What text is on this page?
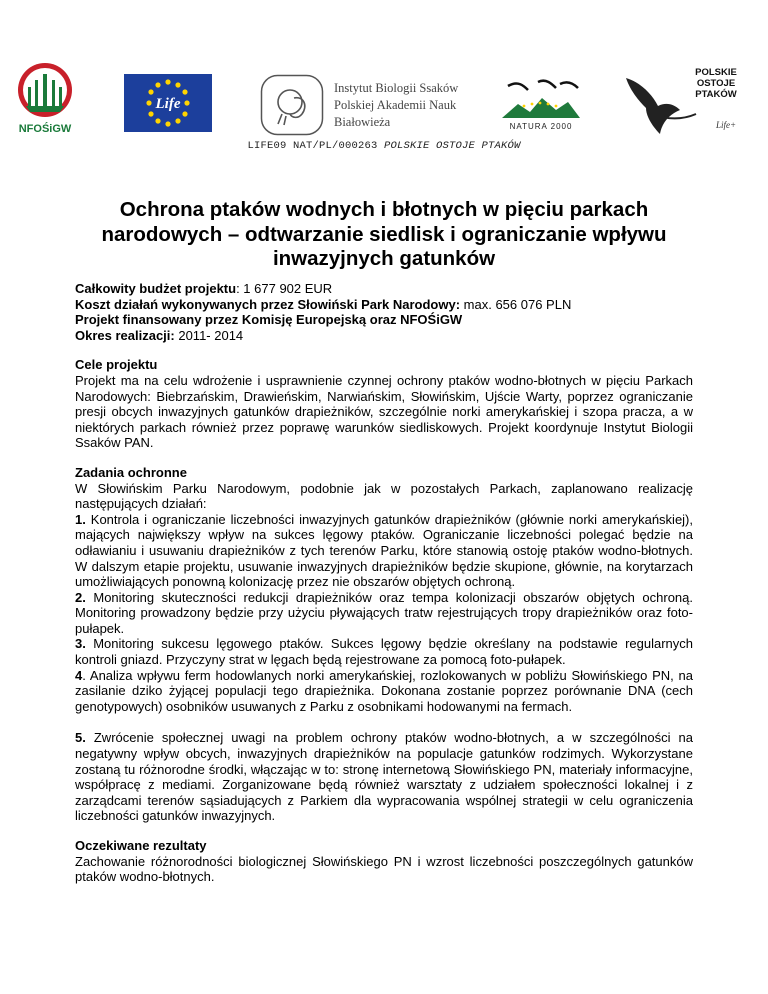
NFOŚiGW
Life
Instytut Biologii Ssaków
Polskiej Akademii Nauk
Białowieża	NATURA 2000
POLSKIE
OSTOJE
PTAKÓW
Life+
LIFE09 NAT/PL/000263 POLSKIE OSTOJE PTAKÓW
Ochrona ptaków wodnych i błotnych w pięciu parkach narodowych – odtwarzanie siedlisk i ograniczanie wpływu inwazyjnych gatunków

Całkowity budżet projektu: 1 677 902 EUR

Koszt działań wykonywanych przez Słowiński Park Narodowy: max. 656 076 PLN

Projekt finansowany przez Komisję Europejską oraz NFOŚiGW

Okres realizacji: 2011- 2014

Cele projektu

Projekt ma na celu wdrożenie i usprawnienie czynnej ochrony ptaków wodno-błotnych w pięciu Parkach Narodowych: Biebrzańskim, Drawieńskim, Narwiańskim, Słowińskim, Ujście Warty, poprzez ograniczanie presji obcych inwazyjnych gatunków drapieżników, szczególnie norki amerykańskiej i szopa pracza, a w niektórych parkach również przez poprawę warunków siedliskowych. Projekt koordynuje Instytut Biologii Ssaków PAN.

Zadania ochronne

W Słowińskim Parku Narodowym, podobnie jak w pozostałych Parkach, zaplanowano realizację następujących działań:

1. Kontrola i ograniczanie liczebności inwazyjnych gatunków drapieżników (głównie norki amerykańskiej), mających największy wpływ na sukces lęgowy ptaków. Ograniczanie liczebności polegać będzie na odławianiu i usuwaniu drapieżników z tych terenów Parku, które stanowią ostoję ptaków wodno-błotnych. W dalszym etapie projektu, usuwanie inwazyjnych drapieżników będzie skupione, głównie, na korytarzach umożliwiających ponowną kolonizację przez nie obszarów objętych ochroną.

2. Monitoring skuteczności redukcji drapieżników oraz tempa kolonizacji obszarów objętych ochroną. Monitoring prowadzony będzie przy użyciu pływających tratw rejestrujących tropy drapieżników oraz foto-pułapek.

3. Monitoring sukcesu lęgowego ptaków. Sukces lęgowy będzie określany na podstawie regularnych kontroli gniazd. Przyczyny strat w lęgach będą rejestrowane za pomocą foto-pułapek.

4. Analiza wpływu ferm hodowlanych norki amerykańskiej, rozlokowanych w pobliżu Słowińskiego PN, na zasilanie dziko żyjącej populacji tego drapieżnika. Dokonana zostanie poprzez porównanie DNA (cech genotypowych) osobników usuwanych z Parku z osobnikami hodowanymi na fermach.

5. Zwrócenie społecznej uwagi na problem ochrony ptaków wodno-błotnych, a w szczególności na negatywny wpływ obcych, inwazyjnych drapieżników na populacje gatunków rodzimych. Wykorzystane zostaną tu różnorodne środki, włączając w to: stronę internetową Słowińskiego PN, materiały informacyjne, współpracę z mediami. Zorganizowane będą również warsztaty z udziałem społeczności lokalnej i z zarządcami terenów sąsiadujących z Parkiem dla wypracowania wspólnej strategii w celu ograniczenia liczebności gatunków inwazyjnych.

Oczekiwane rezultaty

Zachowanie różnorodności biologicznej Słowińskiego PN i wzrost liczebności poszczególnych gatunków ptaków wodno-błotnych.
